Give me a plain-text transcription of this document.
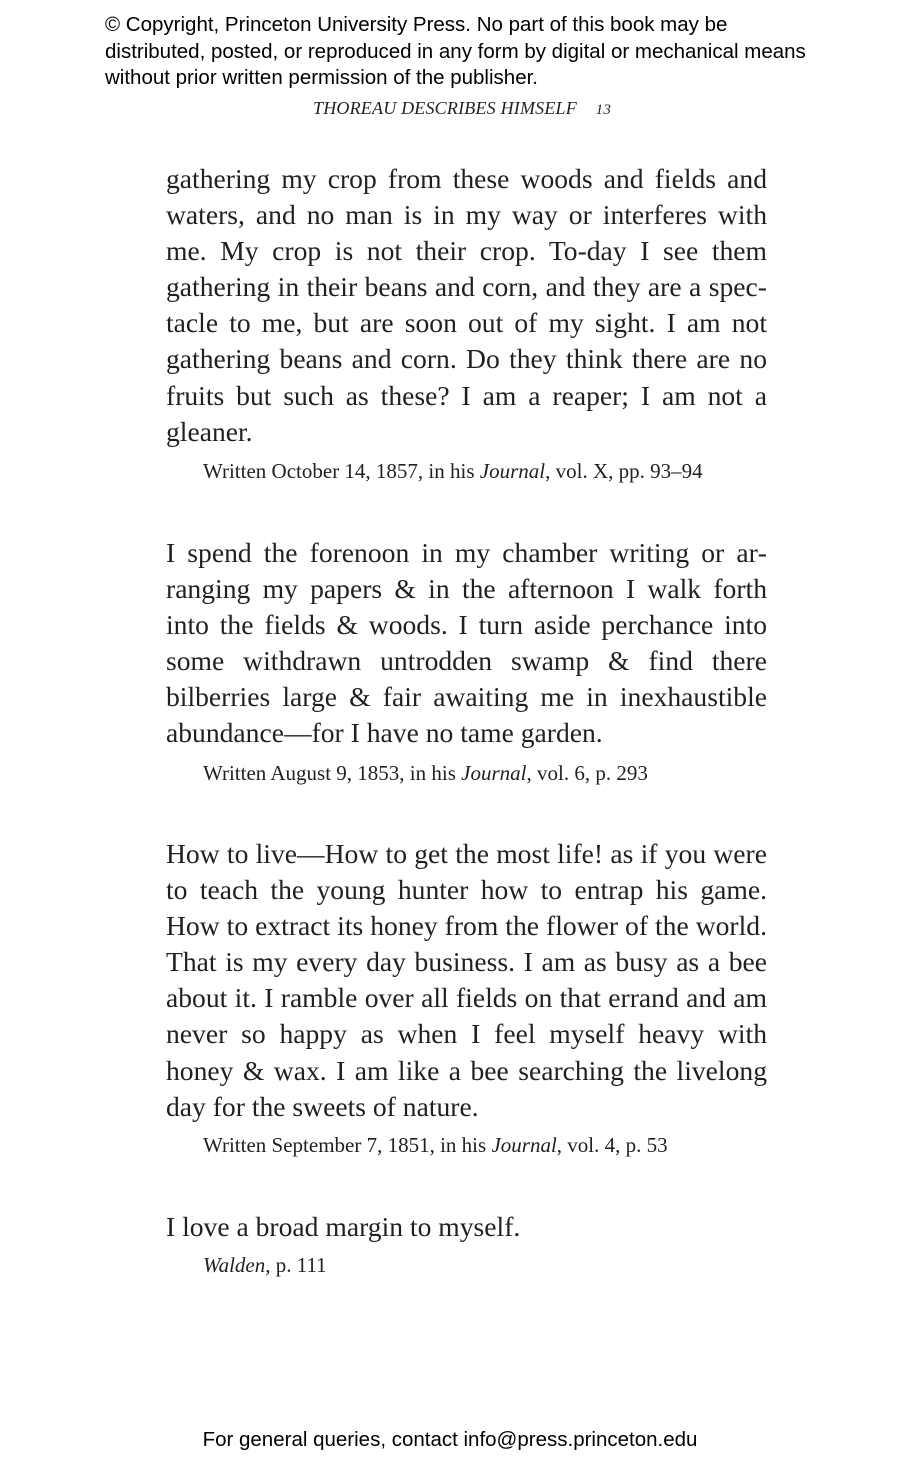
© Copyright, Princeton University Press. No part of this book may be distributed, posted, or reproduced in any form by digital or mechanical means without prior written permission of the publisher.

THOREAU DESCRIBES HIMSELF 13

gathering my crop from these woods and fields and waters, and no man is in my way or interferes with me. My crop is not their crop. To-day I see them gathering in their beans and corn, and they are a spectacle to me, but are soon out of my sight. I am not gathering beans and corn. Do they think there are no fruits but such as these? I am a reaper; I am not a gleaner.

Written October 14, 1857, in his Journal, vol. X, pp. 93–94

I spend the forenoon in my chamber writing or arranging my papers & in the afternoon I walk forth into the fields & woods. I turn aside perchance into some withdrawn untrodden swamp & find there bilberries large & fair awaiting me in inexhaustible abundance—for I have no tame garden.

Written August 9, 1853, in his Journal, vol. 6, p. 293

How to live—How to get the most life! as if you were to teach the young hunter how to entrap his game. How to extract its honey from the flower of the world. That is my every day business. I am as busy as a bee about it. I ramble over all fields on that errand and am never so happy as when I feel myself heavy with honey & wax. I am like a bee searching the livelong day for the sweets of nature.

Written September 7, 1851, in his Journal, vol. 4, p. 53

I love a broad margin to myself.

Walden, p. 111
For general queries, contact info@press.princeton.edu
